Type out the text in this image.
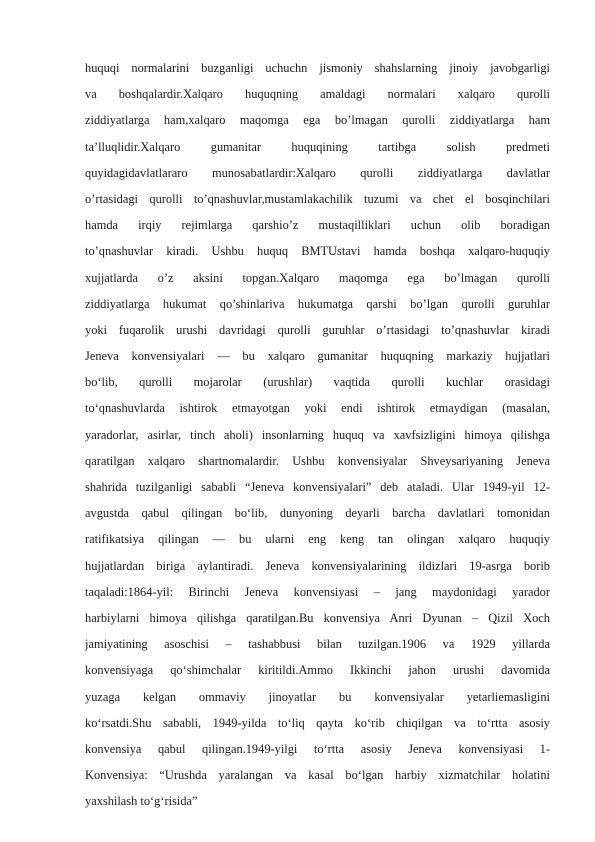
huquqi normalarini buzganligi uchuchn jismoniy shahslarning jinoiy javobgarligi
va boshqalardir.Xalqaro huquqning amaldagi normalari xalqaro qurolli
ziddiyatlarga ham,xalqaro maqomga ega bo’lmagan qurolli ziddiyatlarga ham
ta’lluqlidir.Xalqaro gumanitar huquqining tartibga solish predmeti
quyidagidavlatlararo munosabatlardir:Xalqaro qurolli ziddiyatlarga davlatlar
o’rtasidagi qurolli to’qnashuvlar,mustamlakachilik tuzumi va chet el bosqinchilari
hamda irqiy rejimlarga qarshio’z mustaqilliklari uchun olib boradigan
to’qnashuvlar kiradi. Ushbu huquq BMTUstavi hamda boshqa xalqaro-huquqiy
xujjatlarda o’z aksini topgan.Xalqaro maqomga ega bo’lmagan qurolli
ziddiyatlarga hukumat qo’shinlariva hukumatga qarshi bo’lgan qurolli guruhlar
yoki fuqarolik urushi davridagi qurolli guruhlar o’rtasidagi to’qnashuvlar kiradi
Jeneva konvensiyalari — bu xalqaro gumanitar huquqning markaziy hujjatlari
bo‘lib, qurolli mojarolar (urushlar) vaqtida qurolli kuchlar orasidagi
to‘qnashuvlarda ishtirok etmayotgan yoki endi ishtirok etmaydigan (masalan,
yaradorlar, asirlar, tinch aholi) insonlarning huquq va xavfsizligini himoya qilishga
qaratilgan xalqaro shartnomalardir. Ushbu konvensiyalar Shveysariyaning Jeneva
shahrida tuzilganligi sababli “Jeneva konvensiyalari” deb ataladi. Ular 1949-yil 12-
avgustda qabul qilingan bo‘lib, dunyoning deyarli barcha davlatlari tomonidan
ratifikatsiya qilingan — bu ularni eng keng tan olingan xalqaro huquqiy
hujjatlardan biriga aylantiradi. Jeneva konvensiyalarining ildizlari 19-asrga borib
taqaladi:1864-yil: Birinchi Jeneva konvensiyasi – jang maydonidagi yarador
harbiylarni himoya qilishga qaratilgan.Bu konvensiya Anri Dyunan – Qizil Xoch
jamiyatining asoschisi – tashabbusi bilan tuzilgan.1906 va 1929 yillarda
konvensiyaga qo‘shimchalar kiritildi.Ammo Ikkinchi jahon urushi davomida
yuzaga kelgan ommaviy jinoyatlar bu konvensiyalar yetarliemasligini
ko‘rsatdi.Shu sababli, 1949-yilda to‘liq qayta ko‘rib chiqilgan va to‘rtta asosiy
konvensiya qabul qilingan.1949-yilgi to‘rtta asosiy Jeneva konvensiyasi 1-
Konvensiya: “Urushda yaralangan va kasal bo‘lgan harbiy xizmatchilar holatini
yaxshilash to‘g‘risida”
